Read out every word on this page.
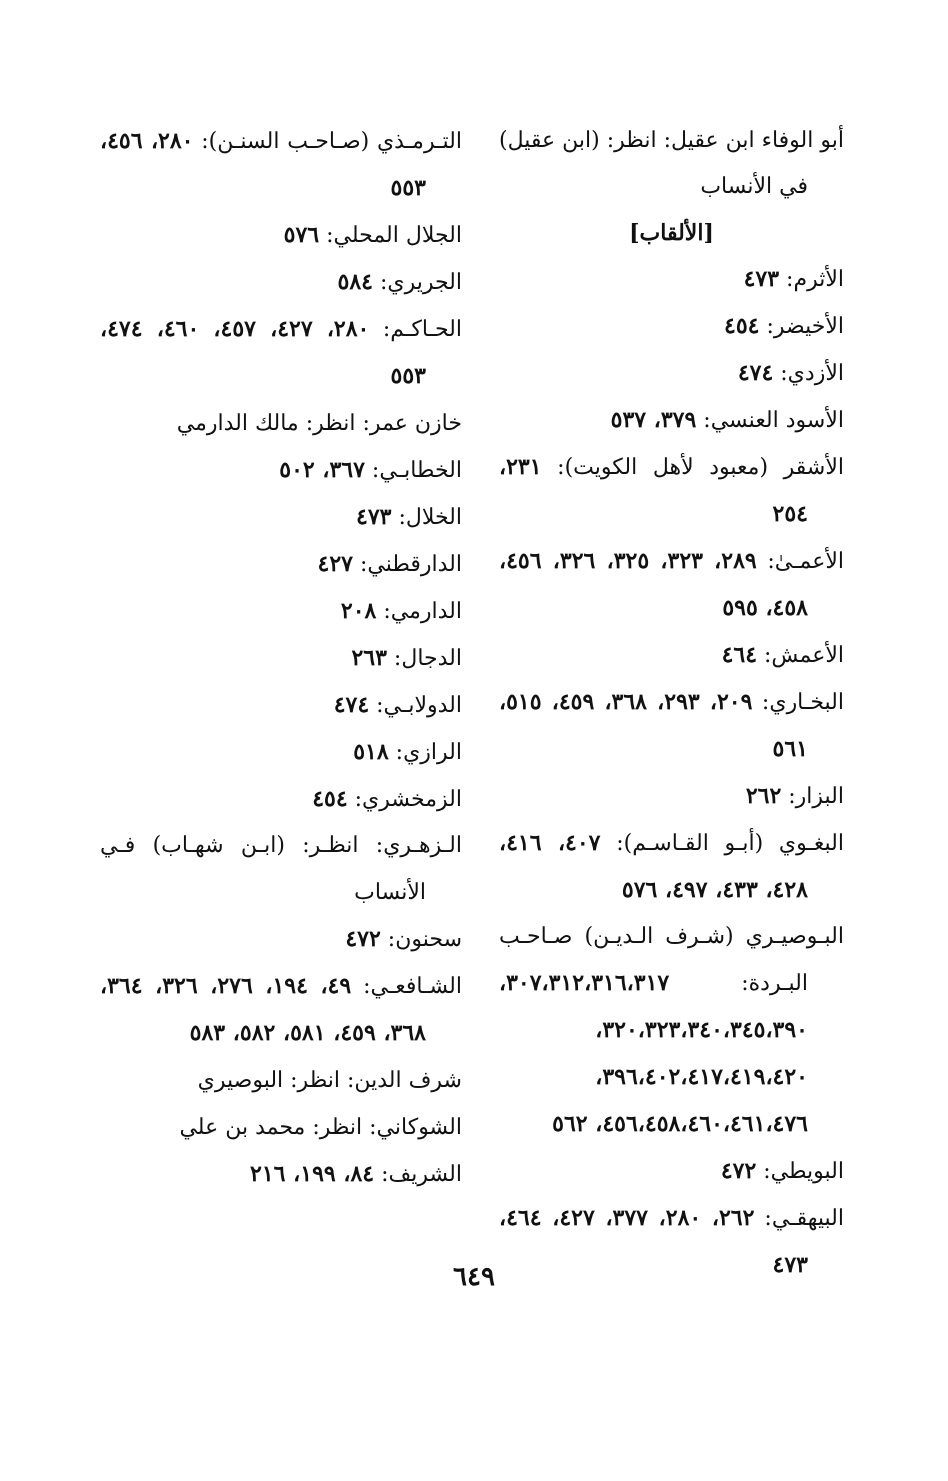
أبو الوفاء ابن عقيل: انظر: (ابن عقيل) في الأنساب

[الألقاب]

الأثرم: ٤٧٣

الأخيضر: ٤٥٤

الأزدي: ٤٧٤

الأسود العنسي: ٣٧٩، ٥٣٧

الأشقر (معبود لأهل الكويت): ٢٣١، ٢٥٤

الأعمـىٰ: ٢٨٩، ٣٢٣، ٣٢٥، ٣٢٦، ٤٥٦، ٤٥٨، ٥٩٥

الأعمش: ٤٦٤

البخـاري: ٢٠٩، ٢٩٣، ٣٦٨، ٤٥٩، ٥١٥، ٥٦١

البزار: ٢٦٢

البغـوي (أبـو القـاسـم): ٤٠٧، ٤١٦، ٤٢٨، ٤٣٣، ٤٩٧، ٥٧٦

البـوصيـري (شـرف الـديـن) صـاحـب البـردة: ٣٠٧،٣١٢،٣١٦،٣١٧، ٣٢٠،٣٢٣،٣٤٠،٣٤٥،٣٩٠، ٣٩٦،٤٠٢،٤١٧،٤١٩،٤٢٠، ٤٥٦،٤٥٨،٤٦٠،٤٦١،٤٧٦، ٥٦٢

البويطي: ٤٧٢

البيهقـي: ٢٦٢، ٢٨٠، ٣٧٧، ٤٢٧، ٤٦٤، ٤٧٣

التـرمـذي (صـاحـب السنـن): ٢٨٠، ٤٥٦، ٥٥٣

الجلال المحلي: ٥٧٦

الجريري: ٥٨٤

الحـاكـم: ٢٨٠، ٤٢٧، ٤٥٧، ٤٦٠، ٤٧٤، ٥٥٣

خازن عمر: انظر: مالك الدارمي

الخطابـي: ٣٦٧، ٥٠٢

الخلال: ٤٧٣

الدارقطني: ٤٢٧

الدارمي: ٢٠٨

الدجال: ٢٦٣

الدولابـي: ٤٧٤

الرازي: ٥١٨

الزمخشري: ٤٥٤

الـزهـري: انظـر: (ابـن شهـاب) فـي الأنساب

سحنون: ٤٧٢

الشـافعـي: ٤٩، ١٩٤، ٢٧٦، ٣٢٦، ٣٦٤، ٣٦٨، ٤٥٩، ٥٨١، ٥٨٢، ٥٨٣

شرف الدين: انظر: البوصيري

الشوكاني: انظر: محمد بن علي

الشريف: ٨٤، ١٩٩، ٢١٦

٦٤٩
